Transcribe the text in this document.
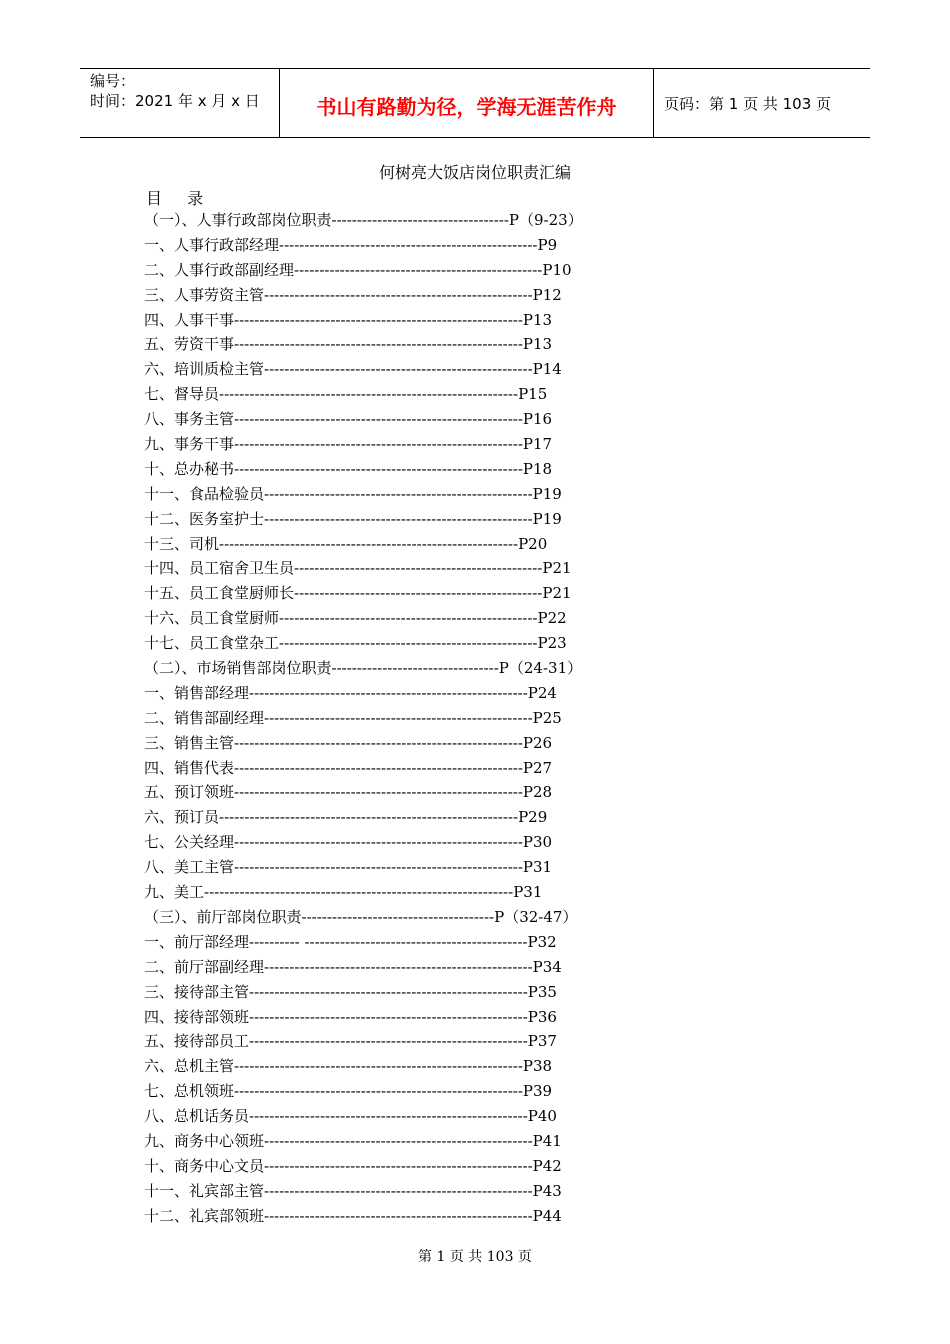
编号：
时间：2021 年 x 月 x 日	书山有路勤为径，学海无涯苦作舟	页码：第 1 页 共 103 页
何树亮大饭店岗位职责汇编
目 录
（一）、人事行政部岗位职责-----------------------------------P（9-23）
一、人事行政部经理---------------------------------------------------P9
二、人事行政部副经理-------------------------------------------------P10
三、人事劳资主管-----------------------------------------------------P12
四、人事干事---------------------------------------------------------P13
五、劳资干事---------------------------------------------------------P13
六、培训质检主管-----------------------------------------------------P14
七、督导员-----------------------------------------------------------P15
八、事务主管---------------------------------------------------------P16
九、事务干事---------------------------------------------------------P17
十、总办秘书---------------------------------------------------------P18
十一、食品检验员-----------------------------------------------------P19
十二、医务室护士-----------------------------------------------------P19
十三、司机-----------------------------------------------------------P20
十四、员工宿舍卫生员-------------------------------------------------P21
十五、员工食堂厨师长-------------------------------------------------P21
十六、员工食堂厨师---------------------------------------------------P22
十七、员工食堂杂工---------------------------------------------------P23
（二）、市场销售部岗位职责---------------------------------P（24-31）
一、销售部经理-------------------------------------------------------P24
二、销售部副经理-----------------------------------------------------P25
三、销售主管---------------------------------------------------------P26
四、销售代表---------------------------------------------------------P27
五、预订领班---------------------------------------------------------P28
六、预订员-----------------------------------------------------------P29
七、公关经理---------------------------------------------------------P30
八、美工主管---------------------------------------------------------P31
九、美工-------------------------------------------------------------P31
（三）、前厅部岗位职责--------------------------------------P（32-47）
一、前厅部经理---------- --------------------------------------------P32
二、前厅部副经理-----------------------------------------------------P34
三、接待部主管-------------------------------------------------------P35
四、接待部领班-------------------------------------------------------P36
五、接待部员工-------------------------------------------------------P37
六、总机主管---------------------------------------------------------P38
七、总机领班---------------------------------------------------------P39
八、总机话务员-------------------------------------------------------P40
九、商务中心领班-----------------------------------------------------P41
十、商务中心文员-----------------------------------------------------P42
十一、礼宾部主管-----------------------------------------------------P43
十二、礼宾部领班-----------------------------------------------------P44
第 1 页 共 103 页
